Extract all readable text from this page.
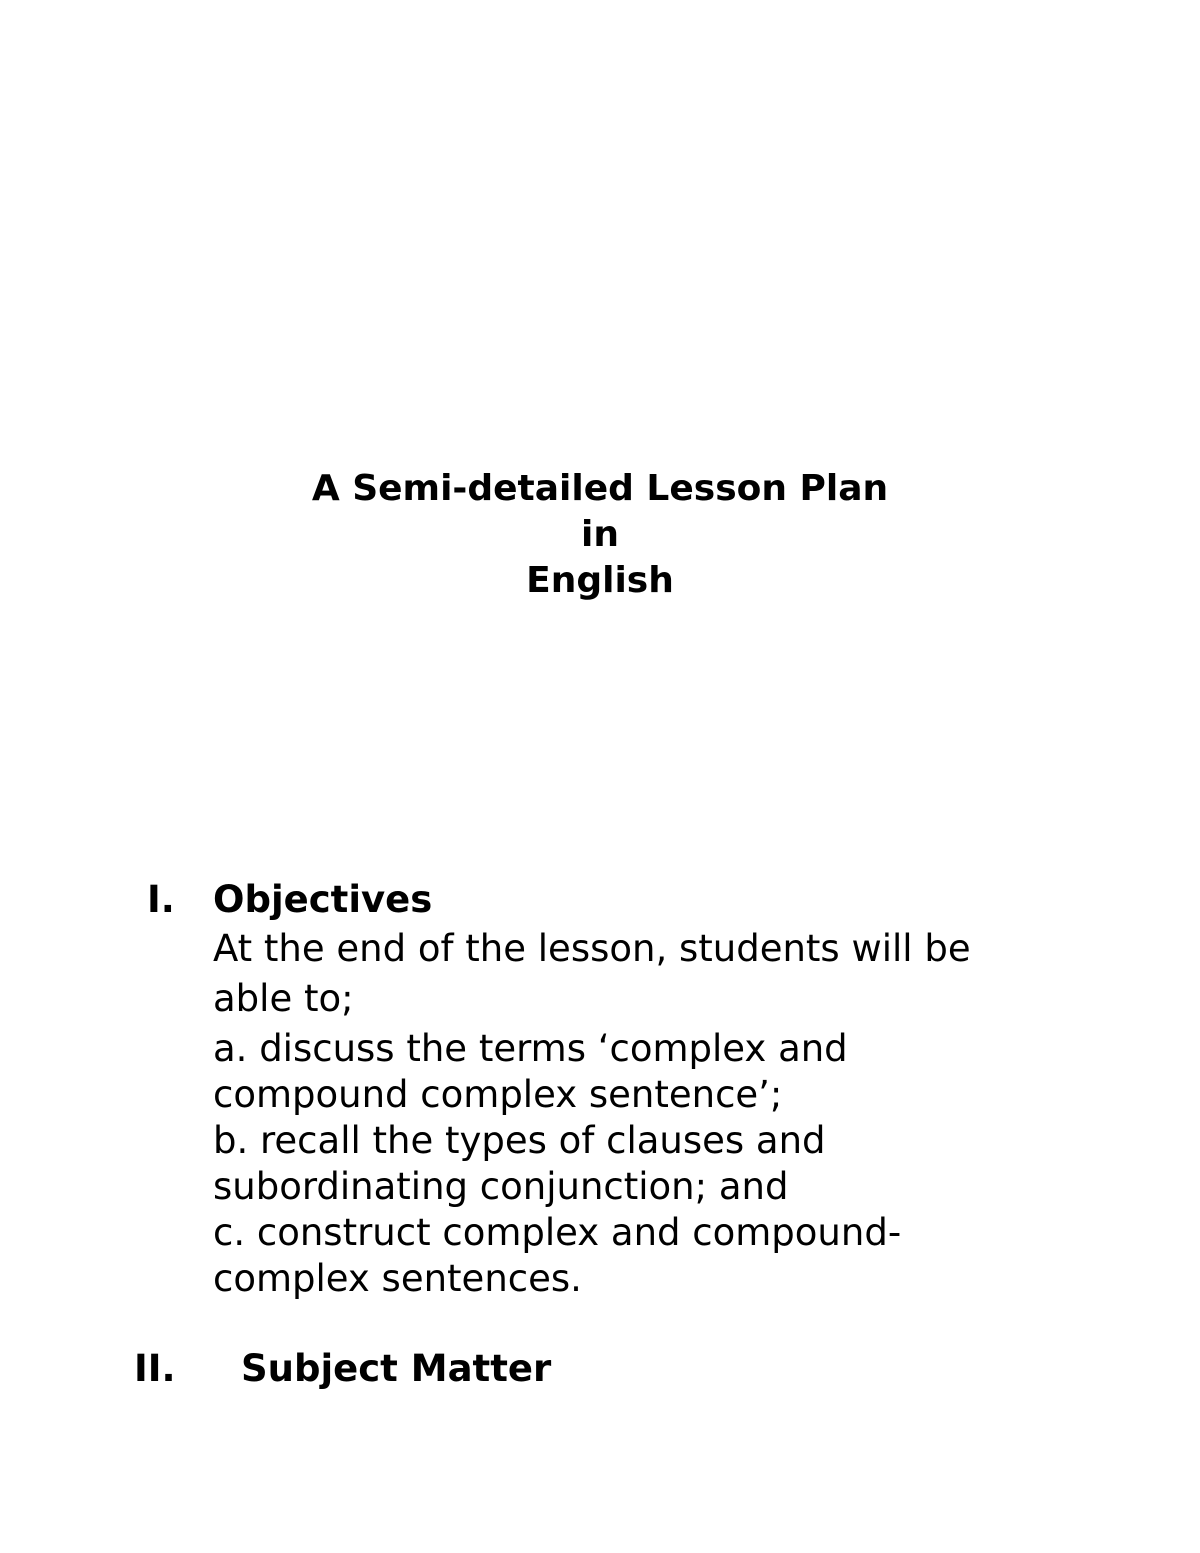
A Semi-detailed Lesson Plan
in
English
I. Objectives
At the end of the lesson, students will be
able to;
a. discuss the terms ‘complex and
compound complex sentence’;
b. recall the types of clauses and
subordinating conjunction; and
c. construct complex and compound-
complex sentences.
II. Subject Matter
